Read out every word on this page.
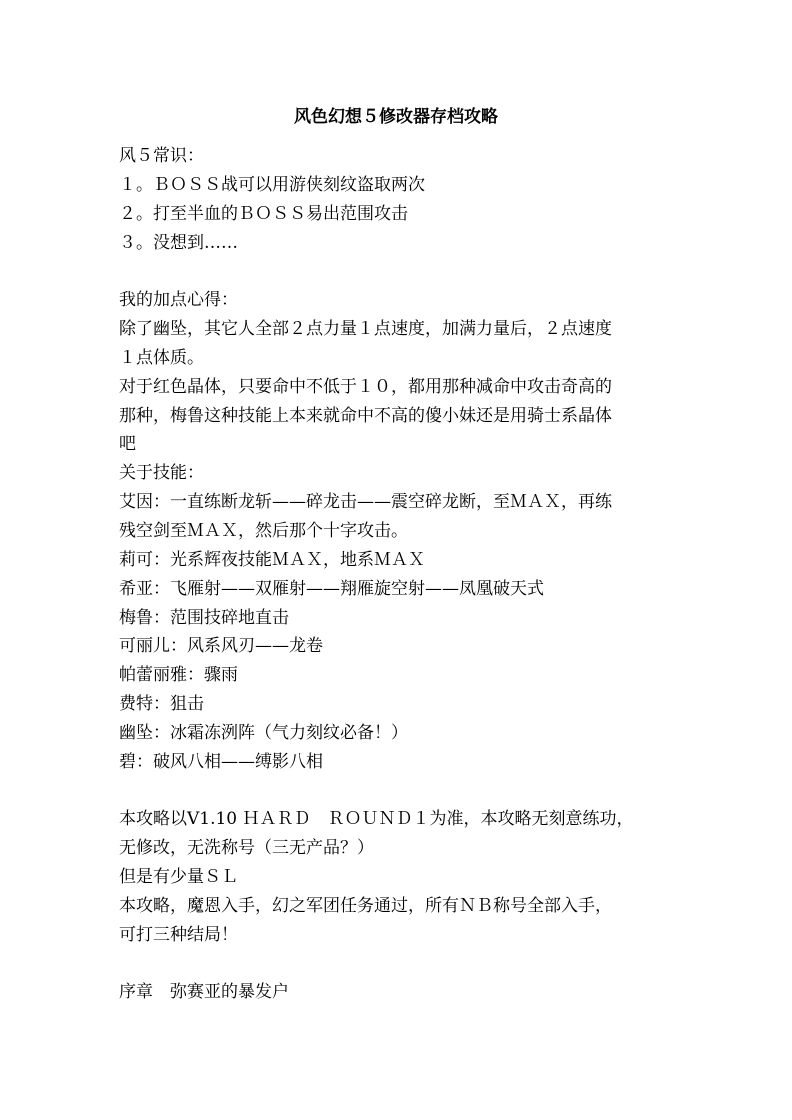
风色幻想５修改器存档攻略
风５常识：
１。ＢＯＳＳ战可以用游侠刻纹盗取两次
２。打至半血的ＢＯＳＳ易出范围攻击
３。没想到……
我的加点心得：
除了幽坠，其它人全部２点力量１点速度，加满力量后，２点速度
１点体质。
对于红色晶体，只要命中不低于１０，都用那种减命中攻击奇高的
那种，梅鲁这种技能上本来就命中不高的傻小妹还是用骑士系晶体
吧
关于技能：
艾因：一直练断龙斩——碎龙击——震空碎龙断，至ＭＡＸ，再练
残空剑至ＭＡＸ，然后那个十字攻击。
莉可：光系辉夜技能ＭＡＸ，地系ＭＡＸ
希亚：飞雁射——双雁射——翔雁旋空射——凤凰破天式
梅鲁：范围技碎地直击
可丽儿：风系风刃——龙卷
帕蕾丽雅：骤雨
费特：狙击
幽坠：冰霜冻洌阵（气力刻纹必备！）
碧：破风八相——缚影八相
本攻略以V1.10 ＨＡＲＤ　ＲＯＵＮＤ１为准，本攻略无刻意练功，
无修改，无洗称号（三无产品？）
但是有少量ＳＬ
本攻略，魔恩入手，幻之军团任务通过，所有ＮＢ称号全部入手，
可打三种结局！
序章　弥赛亚的暴发户
